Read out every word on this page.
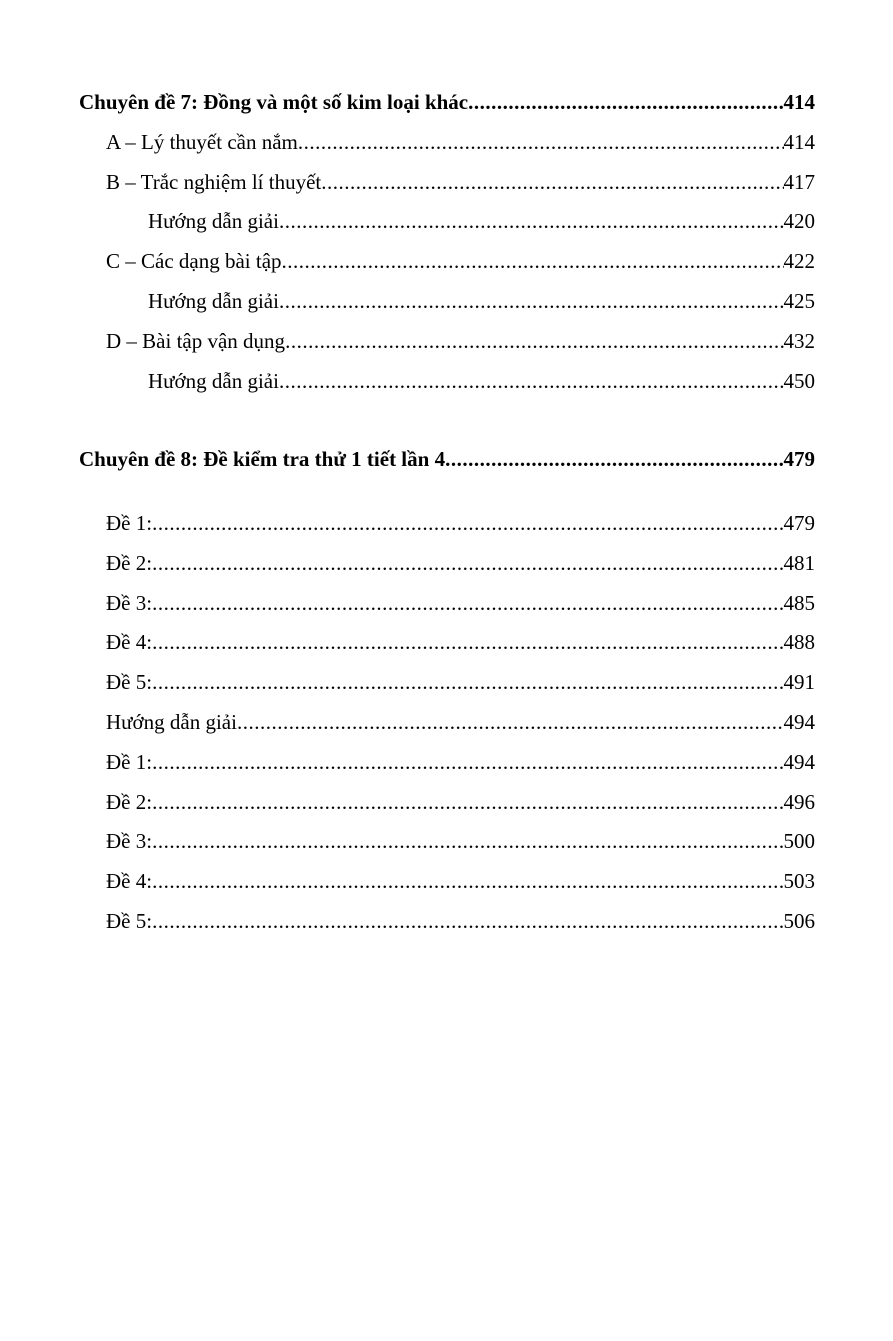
Chuyên đề 7: Đồng và một số kim loại khác .....	414
A – Lý thuyết cần nắm .....	414
B – Trắc nghiệm lí thuyết .....	417
Hướng dẫn giải .....	420
C – Các dạng bài tập .....	422
Hướng dẫn giải .....	425
D – Bài tập vận dụng .....	432
Hướng dẫn giải .....	450
Chuyên đề 8: Đề kiểm tra thử 1 tiết lần 4 .....	479
Đề 1: .....	479
Đề 2: .....	481
Đề 3: .....	485
Đề 4: .....	488
Đề 5: .....	491
Hướng dẫn giải .....	494
Đề 1: .....	494
Đề 2: .....	496
Đề 3: .....	500
Đề 4: .....	503
Đề 5: .....	506
